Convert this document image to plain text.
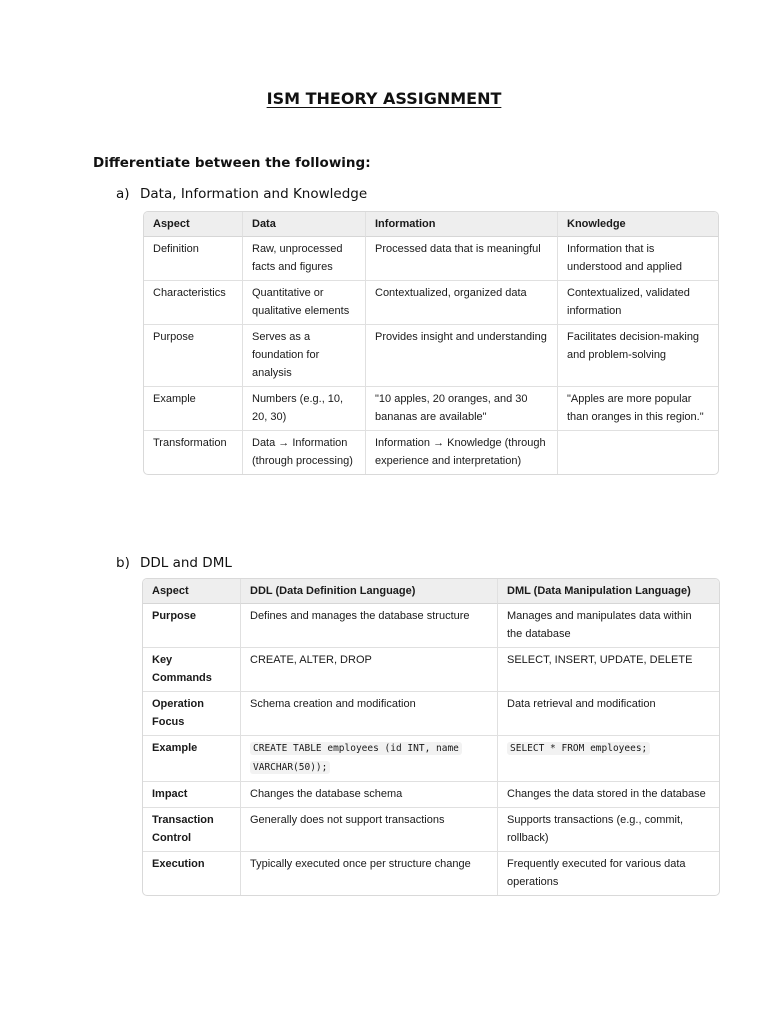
ISM THEORY ASSIGNMENT
Differentiate between the following:
a) Data, Information and Knowledge
Aspect	Data	Information	Knowledge
Definition	Raw, unprocessed facts and figures	Processed data that is meaningful	Information that is understood and applied
Characteristics	Quantitative or qualitative elements	Contextualized, organized data	Contextualized, validated information
Purpose	Serves as a foundation for analysis	Provides insight and understanding	Facilitates decision-making and problem-solving
Example	Numbers (e.g., 10, 20, 30)	"10 apples, 20 oranges, and 30 bananas are available"	"Apples are more popular than oranges in this region."
Transformation	Data → Information (through processing)	Information → Knowledge (through experience and interpretation)	
b) DDL and DML
Aspect	DDL (Data Definition Language)	DML (Data Manipulation Language)
Purpose	Defines and manages the database structure	Manages and manipulates data within the database
Key Commands	CREATE, ALTER, DROP	SELECT, INSERT, UPDATE, DELETE
Operation Focus	Schema creation and modification	Data retrieval and modification
Example	CREATE TABLE employees (id INT, name VARCHAR(50));	SELECT * FROM employees;
Impact	Changes the database schema	Changes the data stored in the database
Transaction Control	Generally does not support transactions	Supports transactions (e.g., commit, rollback)
Execution	Typically executed once per structure change	Frequently executed for various data operations
